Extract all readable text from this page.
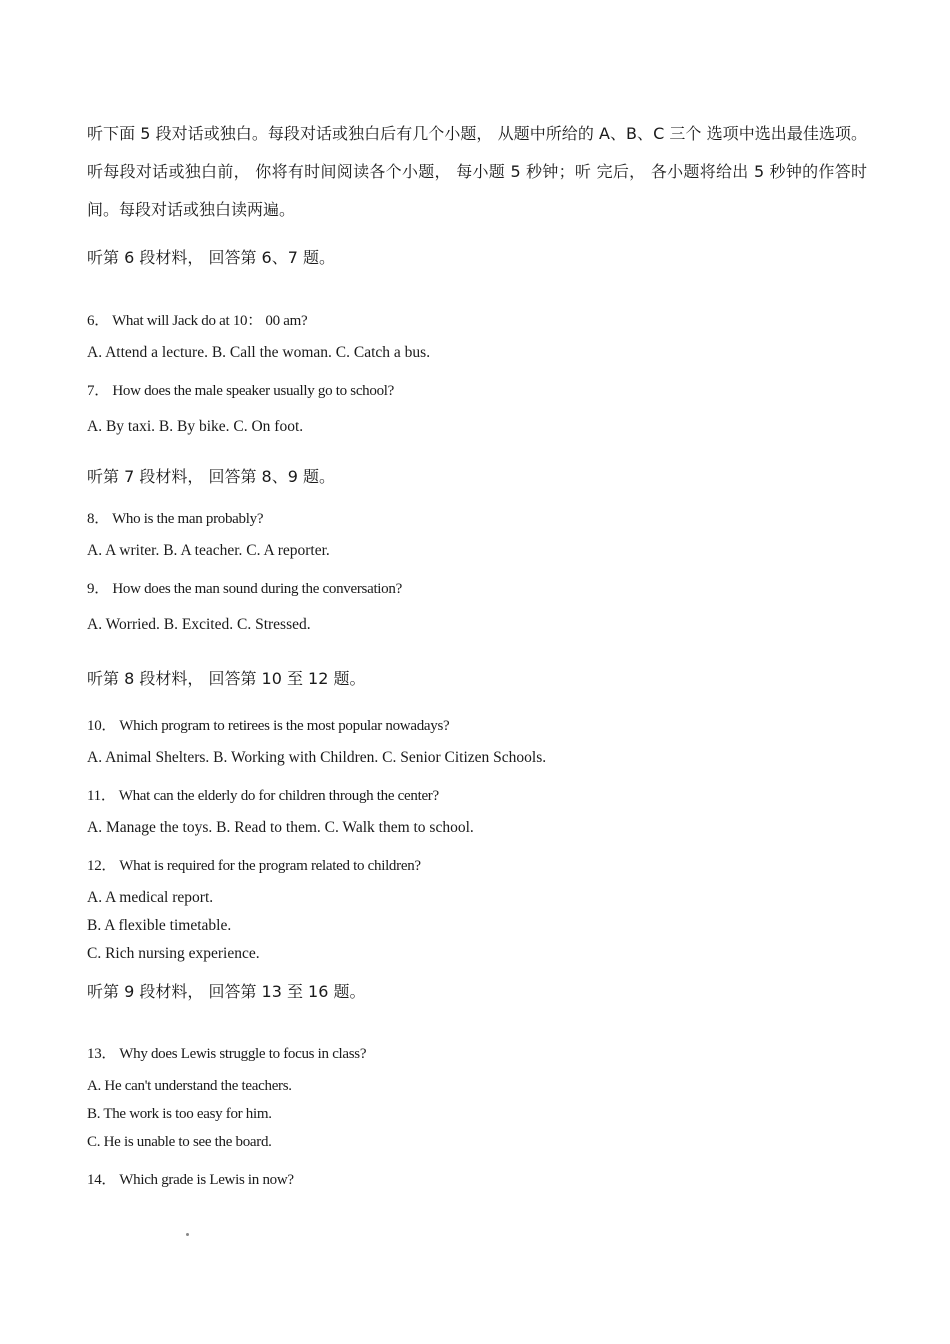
听下面 5 段对话或独白。每段对话或独白后有几个小题， 从题中所给的 A、B、C 三个 选项中选出最佳选项。听每段对话或独白前， 你将有时间阅读各个小题， 每小题 5 秒钟；听 完后， 各小题将给出 5 秒钟的作答时间。每段对话或独白读两遍。
听第 6 段材料， 回答第 6、7 题。
6． What will Jack do at 10： 00 am?
A. Attend a lecture. B. Call the woman. C. Catch a bus.
7． How does the male speaker usually go to school?
A. By taxi. B. By bike. C. On foot.
听第 7 段材料， 回答第 8、9 题。
8． Who is the man probably?
A. A writer. B. A teacher. C. A reporter.
9． How does the man sound during the conversation?
A. Worried. B. Excited. C. Stressed.
听第 8 段材料， 回答第 10 至 12 题。
10． Which program to retirees is the most popular nowadays?
A. Animal Shelters. B. Working with Children. C. Senior Citizen Schools.
11． What can the elderly do for children through the center?
A. Manage the toys. B. Read to them. C. Walk them to school.
12． What is required for the program related to children?
A. A medical report.
B. A flexible timetable.
C. Rich nursing experience.
听第 9 段材料， 回答第 13 至 16 题。
13． Why does Lewis struggle to focus in class?
A. He can't understand the teachers.
B. The work is too easy for him.
C. He is unable to see the board.
14． Which grade is Lewis in now?
